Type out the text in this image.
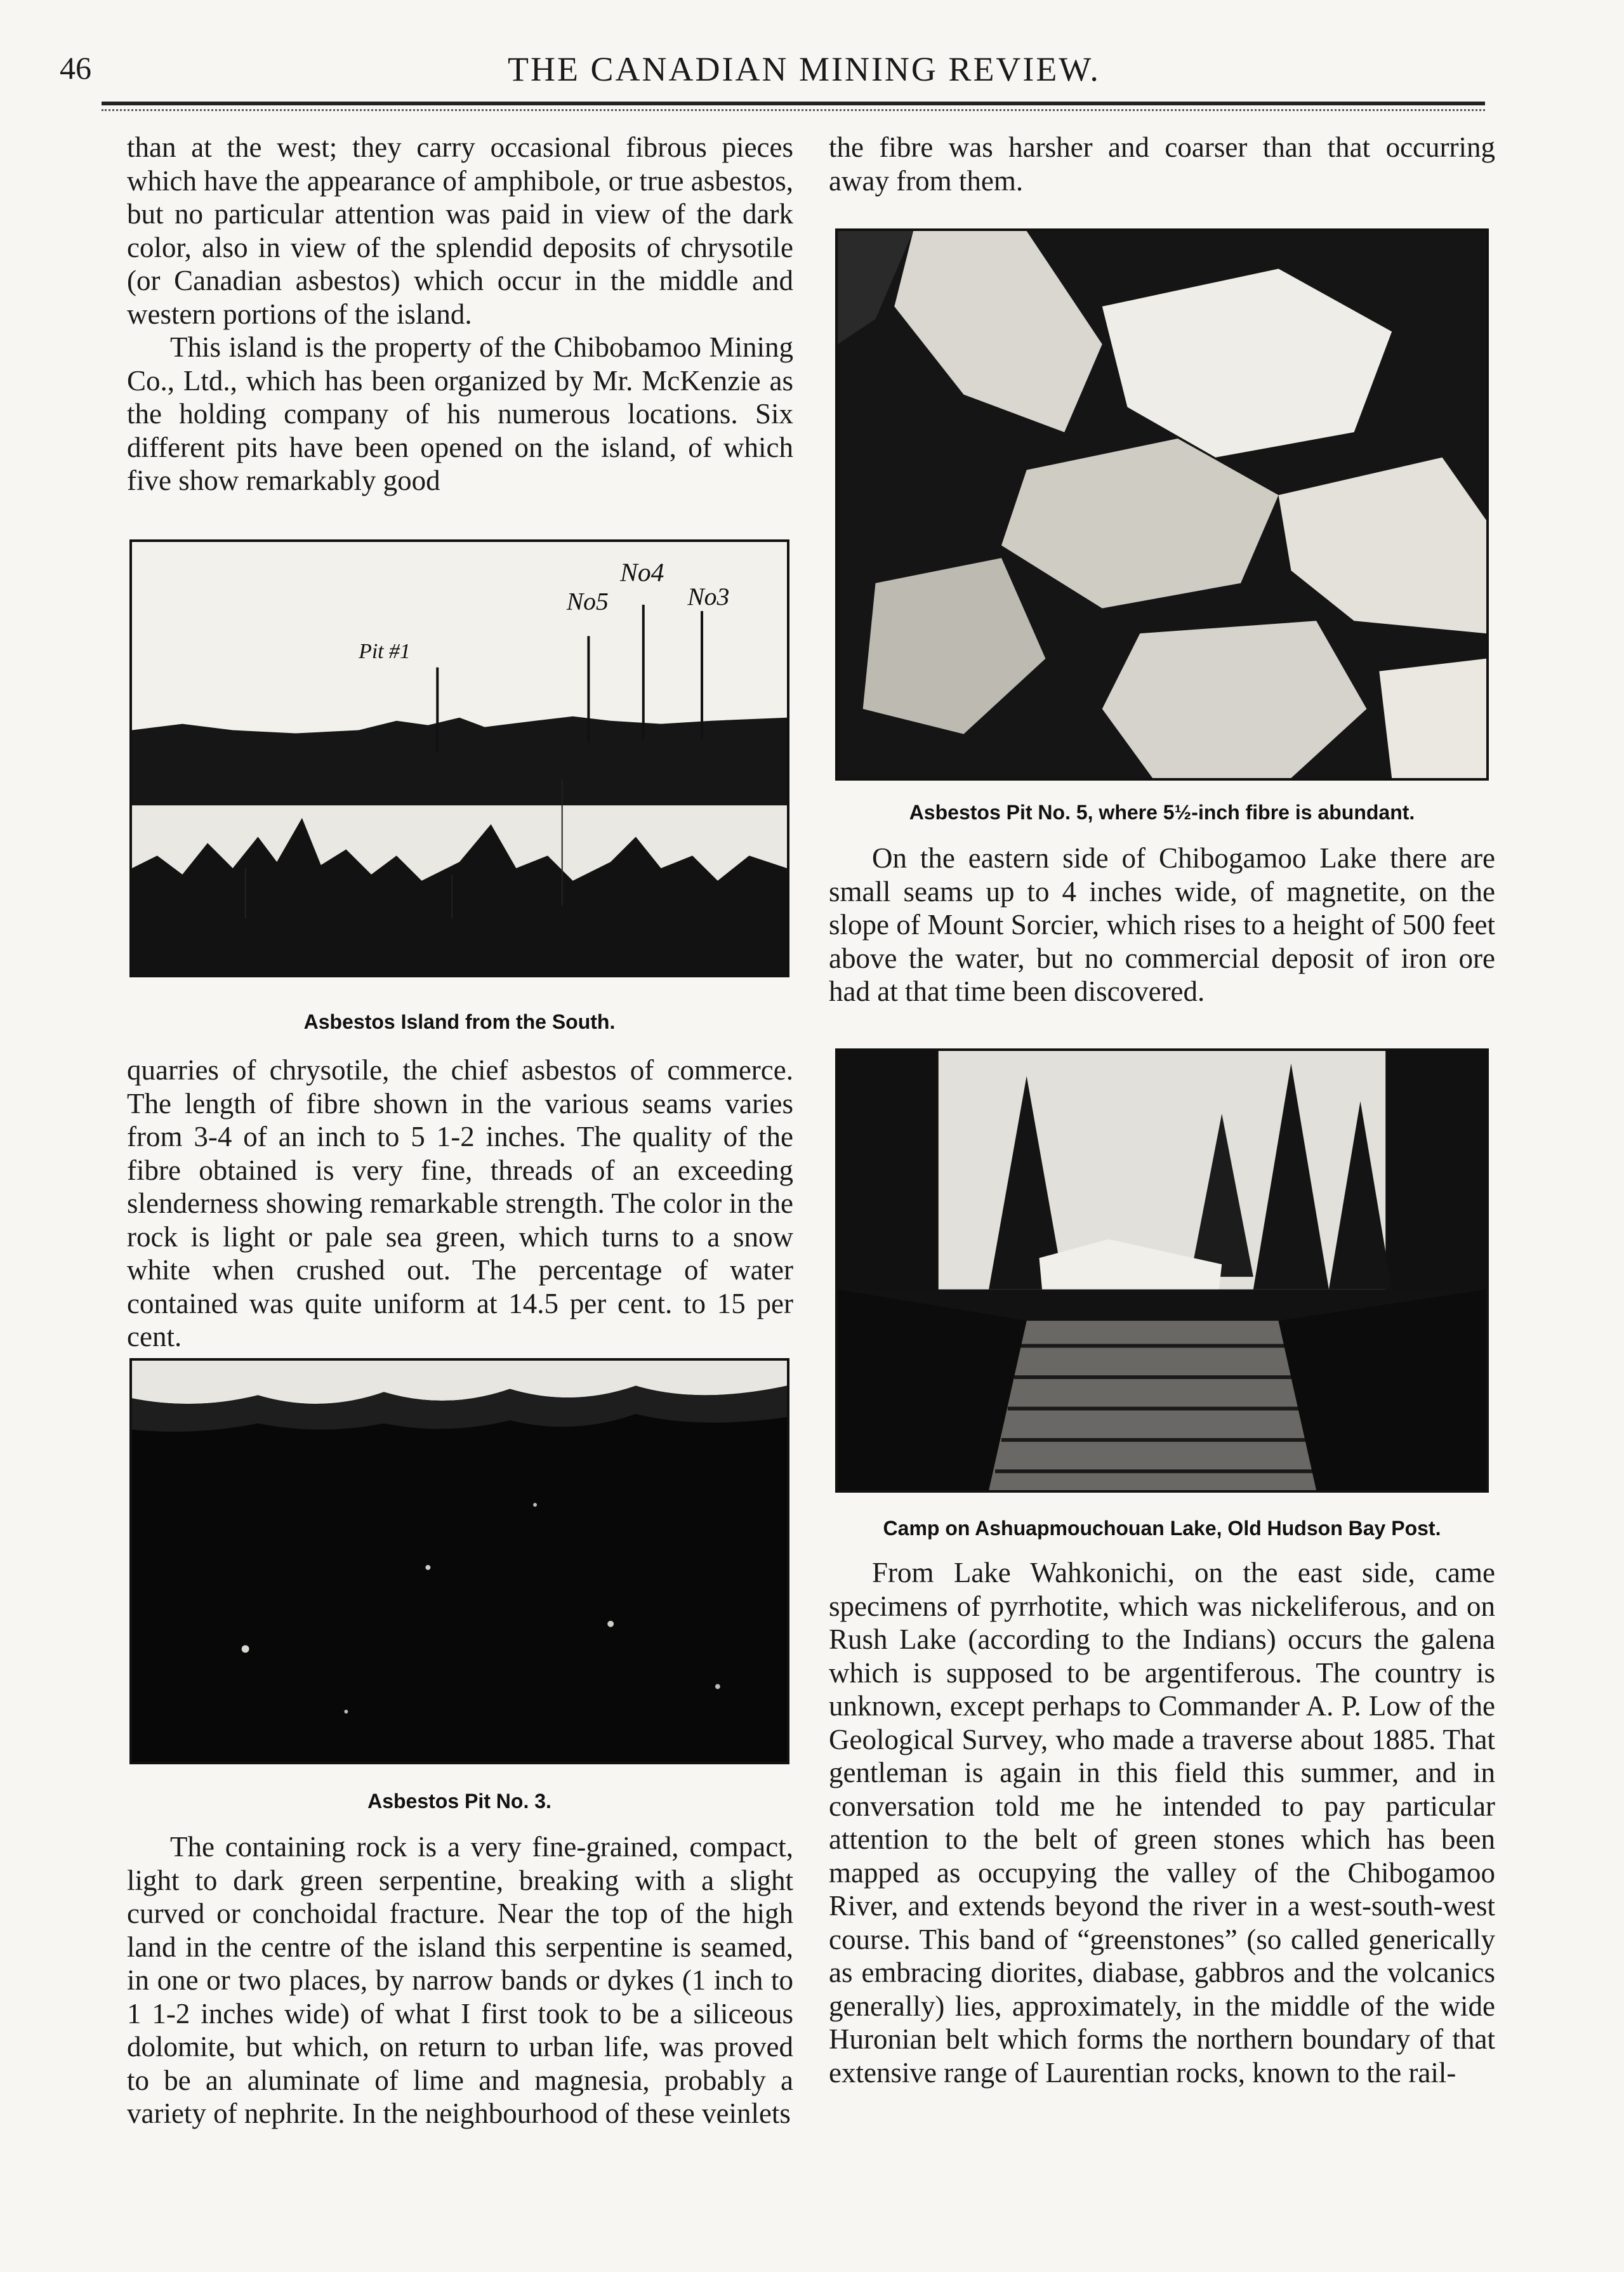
46	THE CANADIAN MINING REVIEW.

than at the west; they carry occasional fibrous pieces which have the appearance of amphibole, or true asbestos, but no particular attention was paid in view of the dark color, also in view of the splendid deposits of chrysotile (or Canadian asbestos) which occur in the middle and western portions of the island.

This island is the property of the Chibobamoo Mining Co., Ltd., which has been organized by Mr. McKenzie as the holding company of his numerous locations. Six different pits have been opened on the island, of which five show remarkably good

Pit #1
No5
No4
No3
Asbestos Island from the South.

quarries of chrysotile, the chief asbestos of commerce. The length of fibre shown in the various seams varies from 3-4 of an inch to 5 1-2 inches. The quality of the fibre obtained is very fine, threads of an exceeding slenderness showing remarkable strength. The color in the rock is light or pale sea green, which turns to a snow white when crushed out. The percentage of water contained was quite uniform at 14.5 per cent. to 15 per cent.

Asbestos Pit No. 3.

The containing rock is a very fine-grained, compact, light to dark green serpentine, breaking with a slight curved or conchoidal fracture. Near the top of the high land in the centre of the island this serpentine is seamed, in one or two places, by narrow bands or dykes (1 inch to 1 1-2 inches wide) of what I first took to be a siliceous dolomite, but which, on return to urban life, was proved to be an aluminate of lime and magnesia, probably a variety of nephrite. In the neighbourhood of these veinlets

the fibre was harsher and coarser than that occurring away from them.

Asbestos Pit No. 5, where 5½-inch fibre is abundant.

On the eastern side of Chibogamoo Lake there are small seams up to 4 inches wide, of magnetite, on the slope of Mount Sorcier, which rises to a height of 500 feet above the water, but no commercial deposit of iron ore had at that time been discovered.

Camp on Ashuapmouchouan Lake, Old Hudson Bay Post.

From Lake Wahkonichi, on the east side, came specimens of pyrrhotite, which was nickeliferous, and on Rush Lake (according to the Indians) occurs the galena which is supposed to be argentiferous. The country is unknown, except perhaps to Commander A. P. Low of the Geological Survey, who made a traverse about 1885. That gentleman is again in this field this summer, and in conversation told me he intended to pay particular attention to the belt of green stones which has been mapped as occupying the valley of the Chibogamoo River, and extends beyond the river in a west-south-west course. This band of “greenstones” (so called generically as embracing diorites, diabase, gabbros and the volcanics generally) lies, approximately, in the middle of the wide Huronian belt which forms the northern boundary of that extensive range of Laurentian rocks, known to the rail-
